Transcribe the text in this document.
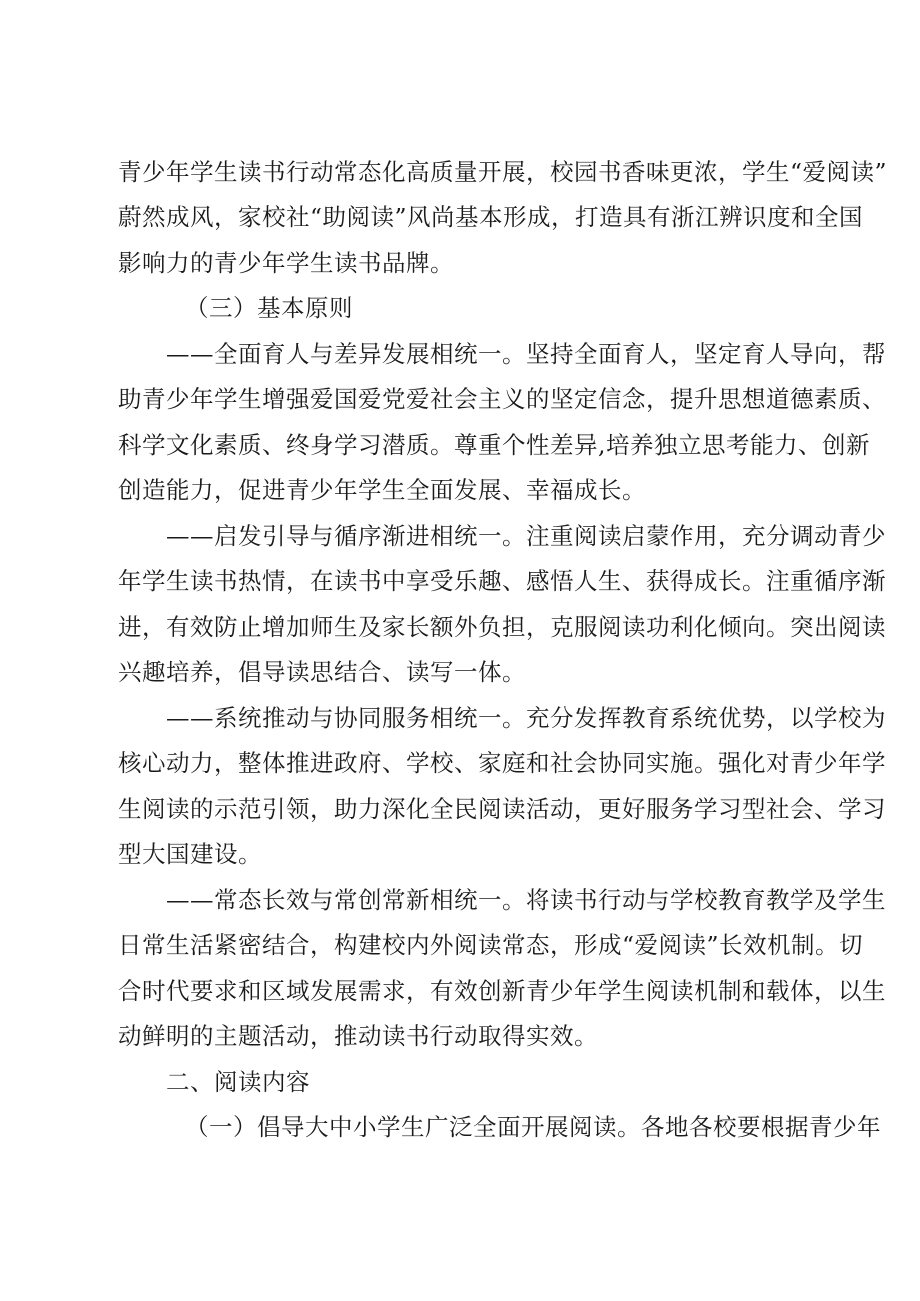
青少年学生读书行动常态化高质量开展，校园书香味更浓，学生“爱阅读”
蔚然成风，家校社“助阅读”风尚基本形成，打造具有浙江辨识度和全国
影响力的青少年学生读书品牌。
（三）基本原则
——全面育人与差异发展相统一。坚持全面育人，坚定育人导向，帮
助青少年学生增强爱国爱党爱社会主义的坚定信念，提升思想道德素质、
科学文化素质、终身学习潜质。尊重个性差异,培养独立思考能力、创新
创造能力，促进青少年学生全面发展、幸福成长。
——启发引导与循序渐进相统一。注重阅读启蒙作用，充分调动青少
年学生读书热情，在读书中享受乐趣、感悟人生、获得成长。注重循序渐
进，有效防止增加师生及家长额外负担，克服阅读功利化倾向。突出阅读
兴趣培养，倡导读思结合、读写一体。
——系统推动与协同服务相统一。充分发挥教育系统优势，以学校为
核心动力，整体推进政府、学校、家庭和社会协同实施。强化对青少年学
生阅读的示范引领，助力深化全民阅读活动，更好服务学习型社会、学习
型大国建设。
——常态长效与常创常新相统一。将读书行动与学校教育教学及学生
日常生活紧密结合，构建校内外阅读常态，形成“爱阅读”长效机制。切
合时代要求和区域发展需求，有效创新青少年学生阅读机制和载体，以生
动鲜明的主题活动，推动读书行动取得实效。
二、阅读内容
（一）倡导大中小学生广泛全面开展阅读。各地各校要根据青少年
